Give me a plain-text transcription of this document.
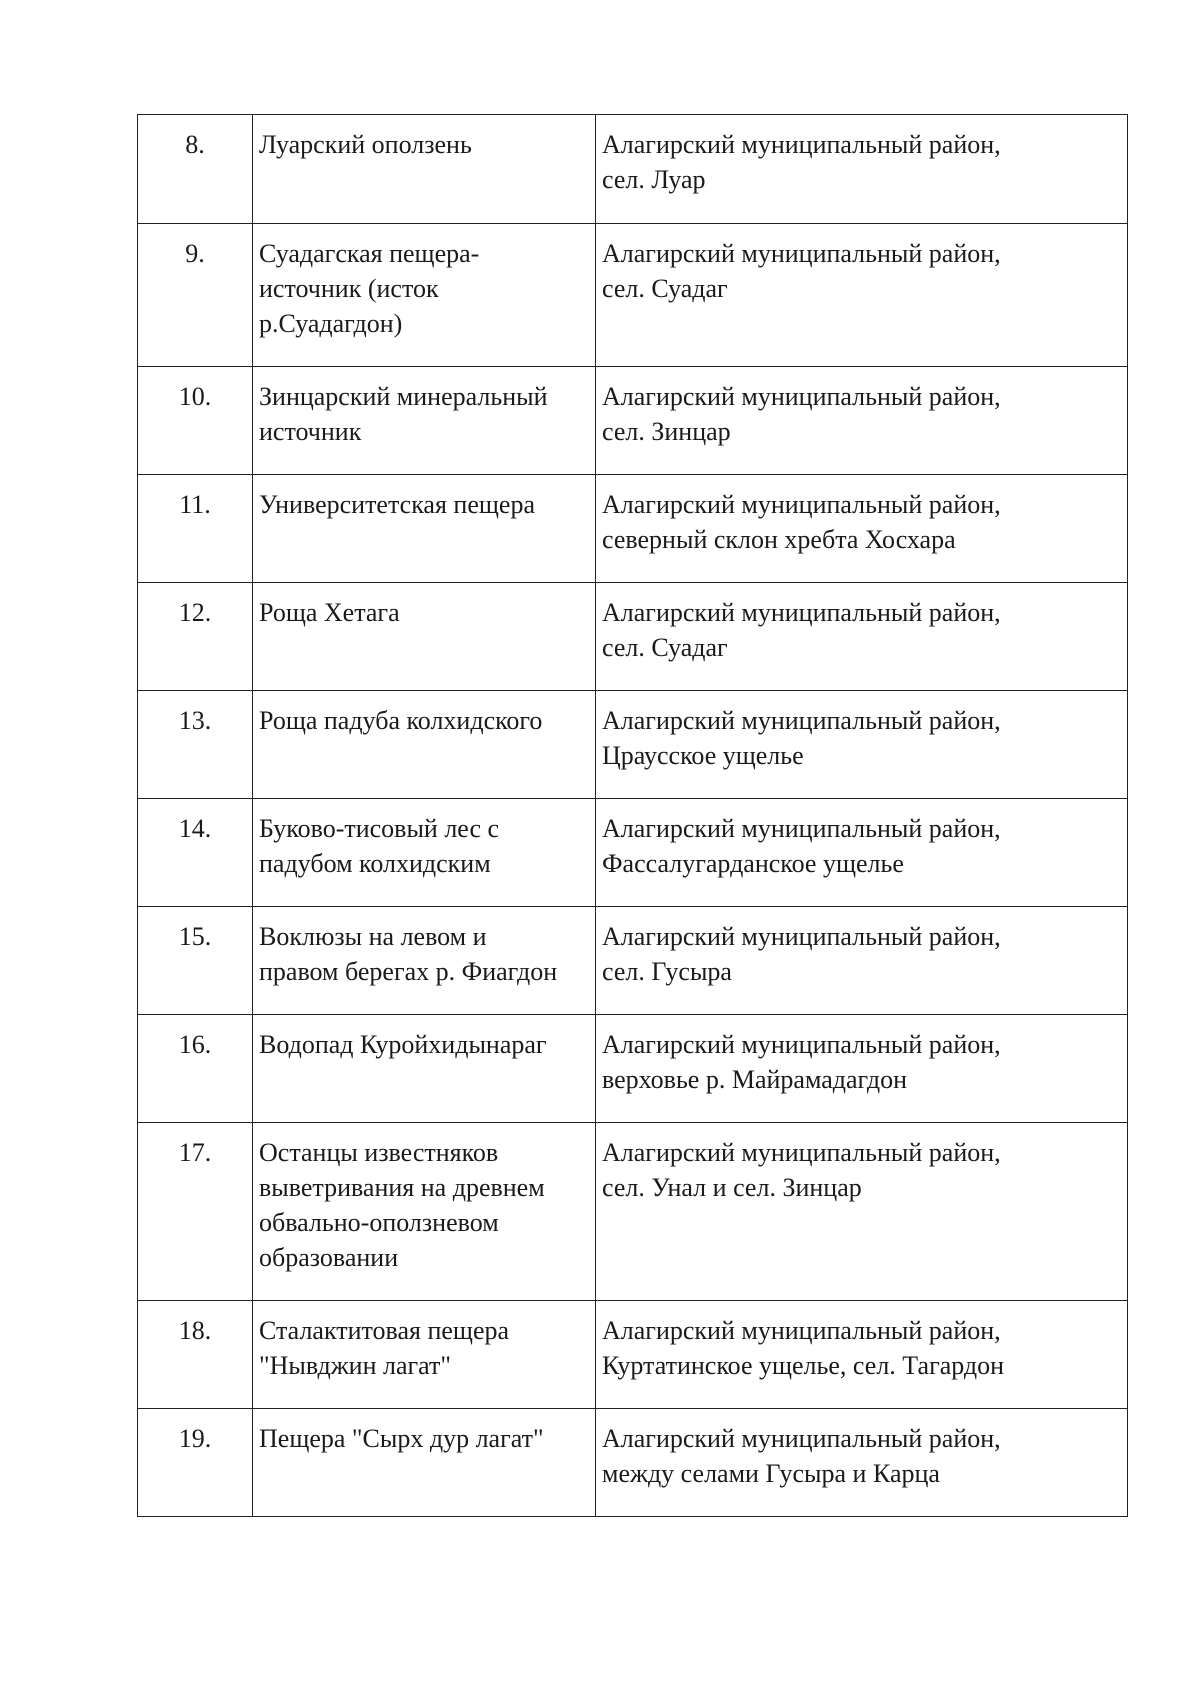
8.	Луарский оползень	Алагирский муниципальный район,
сел. Луар

9.	Суадагская пещера-
источник (исток
р.Суадагдон)	Алагирский муниципальный район,
сел. Суадаг

10.	Зинцарский минеральный
источник	Алагирский муниципальный район,
сел. Зинцар

11.	Университетская пещера	Алагирский муниципальный район,
северный склон хребта Хосхара

12.	Роща Хетага	Алагирский муниципальный район,
сел. Суадаг

13.	Роща падуба колхидского	Алагирский муниципальный район,
Цраусское ущелье

14.	Буково-тисовый лес с
падубом колхидским	Алагирский муниципальный район,
Фассалугарданское ущелье

15.	Воклюзы на левом и
правом берегах р. Фиагдон	Алагирский муниципальный район,
сел. Гусыра

16.	Водопад Куройхидынараг	Алагирский муниципальный район,
верховье р. Майрамадагдон

17.	Останцы известняков
выветривания на древнем
обвально-оползневом
образовании	Алагирский муниципальный район,
сел. Унал и сел. Зинцар

18.	Сталактитовая пещера
"Нывджин лагат"	Алагирский муниципальный район,
Куртатинское ущелье, сел. Тагардон

19.	Пещера "Сырх дур лагат"	Алагирский муниципальный район,
между селами Гусыра и Карца
